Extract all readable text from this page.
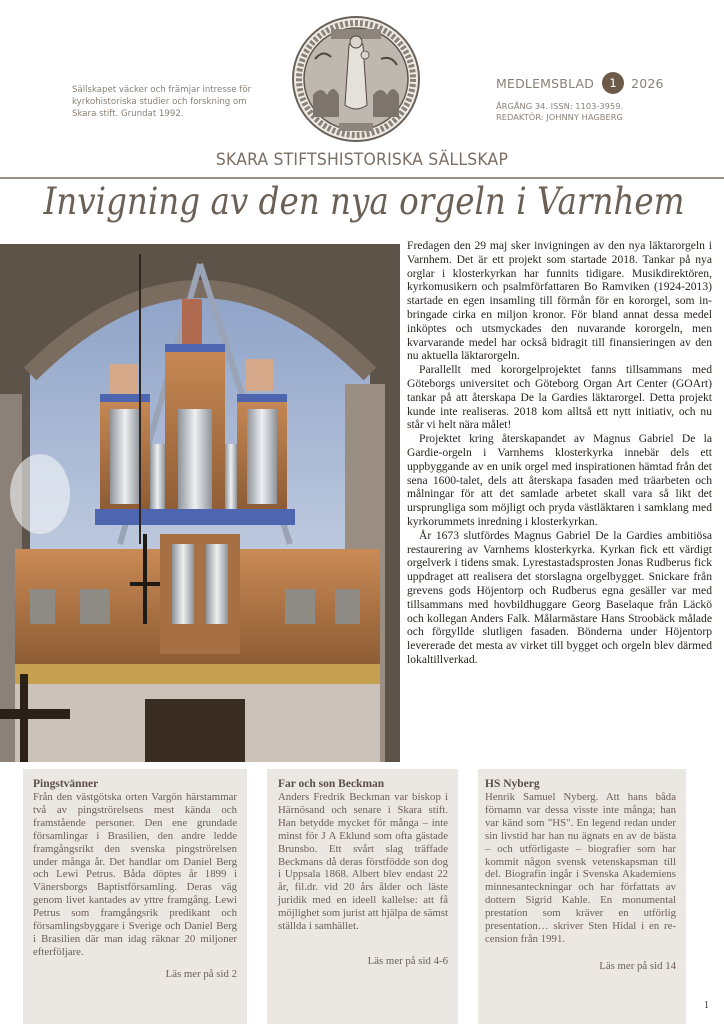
Sällskapet väcker och främjar intresse för kyrkohistoriska studier och forskning om Skara stift. Grundat 1992.
MEDLEMSBLAD	1	2026
ÅRGÅNG 34. ISSN: 1103-3959.
REDAKTÖR: JOHNNY HAGBERG
SKARA STIFTSHISTORISKA SÄLLSKAP
Invigning av den nya orgeln i Varnhem

Fredagen den 29 maj sker invigningen av den nya läktarorgeln i Varnhem. Det är ett projekt som startade 2018. Tankar på nya orglar i klosterkyrkan har funnits tidigare. Musikdirektören, kyrkomusikern och psalmförfattaren Bo Ramviken (1924-2013) startade en egen insamling till förmån för en kororgel, som inbringade cirka en miljon kronor. För bland annat dessa medel inköptes och utsmyckades den nuvarande kororgeln, men kvarvarande medel har också bidragit till finansieringen av den nu aktuella läktarorgeln.

Parallellt med kororgelprojektet fanns tillsammans med Göteborgs universitet och Göteborg Organ Art Center (GOArt) tankar på att återskapa De la Gardies läktarorgel. Detta projekt kunde inte realiseras. 2018 kom alltså ett nytt initiativ, och nu står vi helt nära målet!

Projektet kring återskapandet av Magnus Gabriel De la Gardie-orgeln i Varnhems klosterkyrka innebär dels ett uppbyggande av en unik orgel med inspirationen hämtad från det sena 1600-talet, dels att återskapa fasaden med träarbeten och målningar för att det samlade arbetet skall vara så likt det ursprungliga som möjligt och pryda västläktaren i samklang med kyrkorummets inredning i klosterkyrkan.

År 1673 slutfördes Magnus Gabriel De la Gardies ambitiösa restaurering av Varnhems klosterkyrka. Kyrkan fick ett värdigt orgelverk i tidens smak. Lyrestastadsprosten Jonas Rudberus fick uppdraget att realisera det storslagna orgelbygget. Snickare från grevens gods Höjentorp och Rudberus egna gesäller var med tillsammans med hovbildhuggare Georg Baselaque från Läckö och kollegan Anders Falk. Målarmästare Hans Stroobäck målade och förgyllde slutligen fasaden. Bönderna under Höjentorp levererade det mesta av virket till bygget och orgeln blev därmed lokaltillverkad.

Pingstvänner

Från den västgötska orten Vargön härstammar två av pingströrelsens mest kända och framstående personer. Den ene grundade församlingar i Brasilien, den andre ledde framgångsrikt den svenska pingströrelsen under många år. Det handlar om Daniel Berg och Lewi Petrus. Båda döptes år 1899 i Vänersborgs Baptistförsamling. Deras väg genom livet kantades av yttre framgång. Lewi Petrus som framgångsrik predikant och församlingsbyggare i Sverige och Daniel Berg i Brasilien där man idag räknar 20 miljoner efterföljare.

Läs mer på sid 2
Far och son Beckman

Anders Fredrik Beckman var biskop i Härnösand och senare i Skara stift. Han betydde mycket för många – inte minst för J A Eklund som ofta gästade Brunsbo. Ett svårt slag träffade Beckmans då deras förstfödde son dog i Uppsala 1868. Albert blev endast 22 år, fil.dr. vid 20 års ålder och läste juridik med en ideell kallelse: att få möjlighet som jurist att hjälpa de sämst ställda i samhället.

Läs mer på sid 4-6
HS Nyberg

Henrik Samuel Nyberg. Att hans båda förnamn var dessa visste inte många; han var känd som "HS". En legend redan under sin livstid har han nu ägnats en av de bästa – och utförligaste – biografier som har kommit någon svensk vetenskapsman till del. Biografin ingår i Svenska Akademiens minnesanteckningar och har författats av dottern Sigrid Kahle. En monumental prestation som kräver en utförlig presentation… skriver Sten Hidal i en recension från 1991.

Läs mer på sid 14
1
